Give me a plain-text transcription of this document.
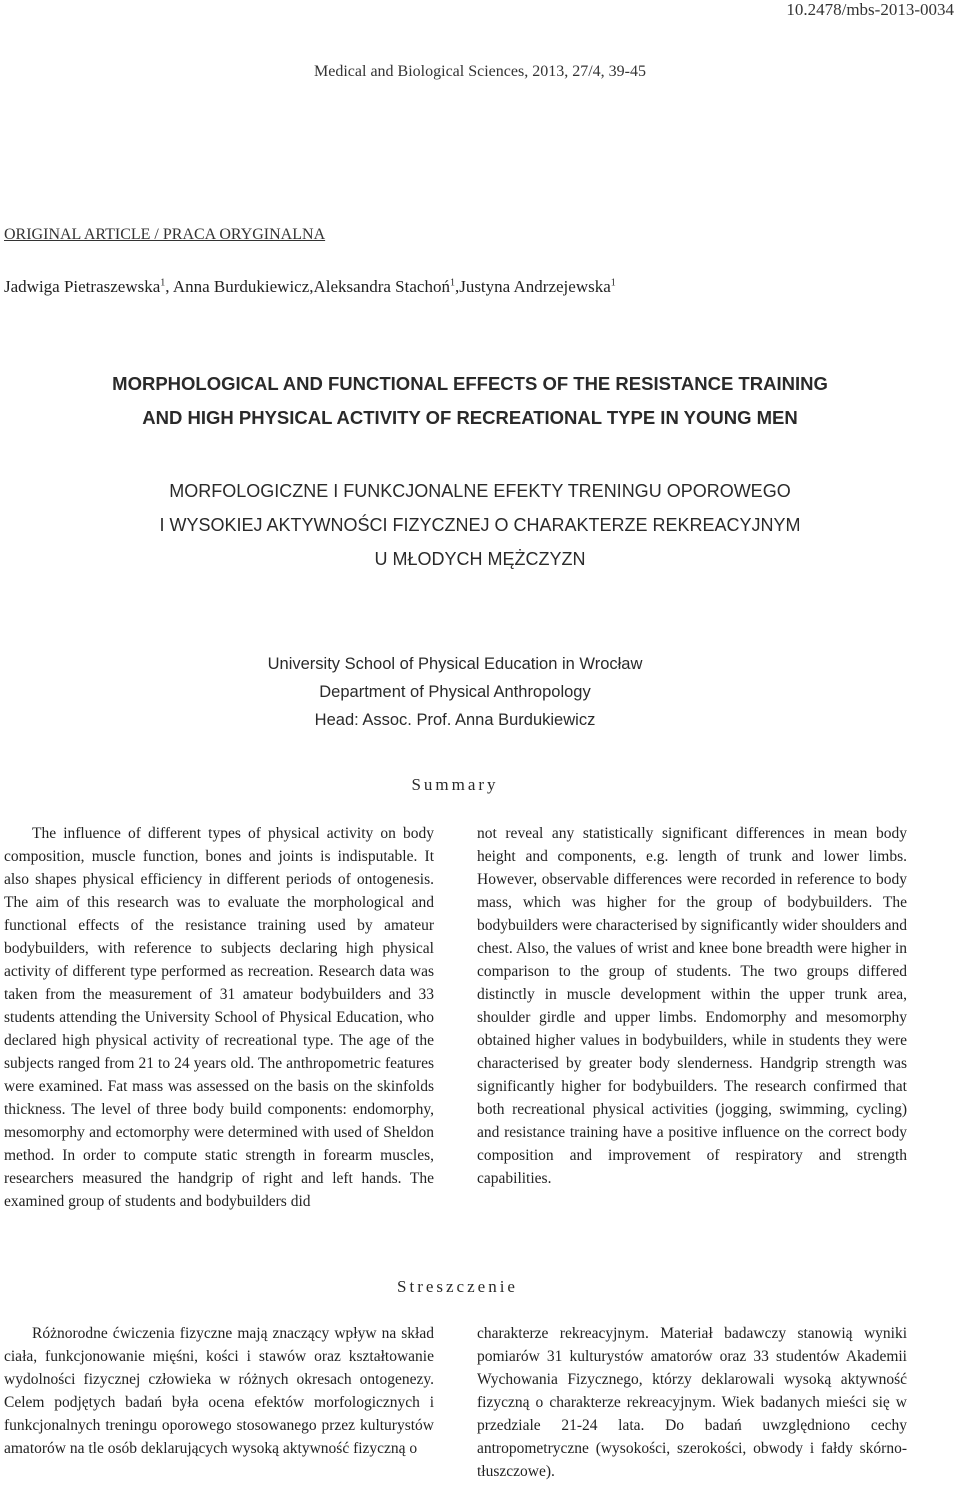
10.2478/mbs-2013-0034
Medical and Biological Sciences, 2013, 27/4, 39-45
ORIGINAL ARTICLE / PRACA ORYGINALNA
Jadwiga Pietraszewska$^1$, Anna Burdukiewicz,Aleksandra Stachoń$^1$,Justyna Andrzejewska$^1$
MORPHOLOGICAL AND FUNCTIONAL EFFECTS OF THE RESISTANCE TRAINING
AND HIGH PHYSICAL ACTIVITY OF RECREATIONAL TYPE IN YOUNG MEN
MORFOLOGICZNE I FUNKCJONALNE EFEKTY TRENINGU OPOROWEGO
I WYSOKIEJ AKTYWNOŚCI FIZYCZNEJ O CHARAKTERZE REKREACYJNYM
U MŁODYCH MĘŻCZYZN
University School of Physical Education in Wrocław
Department of Physical Anthropology
Head: Assoc. Prof. Anna Burdukiewicz
Summary

The influence of different types of physical activity on body composition, muscle function, bones and joints is indisputable. It also shapes physical efficiency in different periods of ontogenesis. The aim of this research was to evaluate the morphological and functional effects of the resistance training used by amateur bodybuilders, with reference to subjects declaring high physical activity of different type performed as recreation. Research data was taken from the measurement of 31 amateur bodybuilders and 33 students attending the University School of Physical Education, who declared high physical activity of recreational type. The age of the subjects ranged from 21 to 24 years old. The anthropometric features were examined. Fat mass was assessed on the basis on the skinfolds thickness. The level of three body build components: endomorphy, mesomorphy and ectomorphy were determined with used of Sheldon method. In order to compute static strength in forearm muscles, researchers measured the handgrip of right and left hands. The examined group of students and bodybuilders did

not reveal any statistically significant differences in mean body height and components, e.g. length of trunk and lower limbs. However, observable differences were recorded in reference to body mass, which was higher for the group of bodybuilders. The bodybuilders were characterised by significantly wider shoulders and chest. Also, the values of wrist and knee bone breadth were higher in comparison to the group of students. The two groups differed distinctly in muscle development within the upper trunk area, shoulder girdle and upper limbs. Endomorphy and mesomorphy obtained higher values in bodybuilders, while in students they were characterised by greater body slenderness. Handgrip strength was significantly higher for bodybuilders. The research confirmed that both recreational physical activities (jogging, swimming, cycling) and resistance training have a positive influence on the correct body composition and improvement of respiratory and strength capabilities.

Streszczenie

Różnorodne ćwiczenia fizyczne mają znaczący wpływ na skład ciała, funkcjonowanie mięśni, kości i stawów oraz kształtowanie wydolności fizycznej człowieka w różnych okresach ontogenezy. Celem podjętych badań była ocena efektów morfologicznych i funkcjonalnych treningu oporowego stosowanego przez kulturystów amatorów na tle osób deklarujących wysoką aktywność fizyczną o

charakterze rekreacyjnym. Materiał badawczy stanowią wyniki pomiarów 31 kulturystów amatorów oraz 33 studentów Akademii Wychowania Fizycznego, którzy deklarowali wysoką aktywność fizyczną o charakterze rekreacyjnym. Wiek badanych mieści się w przedziale 21-24 lata. Do badań uwzględniono cechy antropometryczne (wysokości, szerokości, obwody i fałdy skórno-tłuszczowe).
